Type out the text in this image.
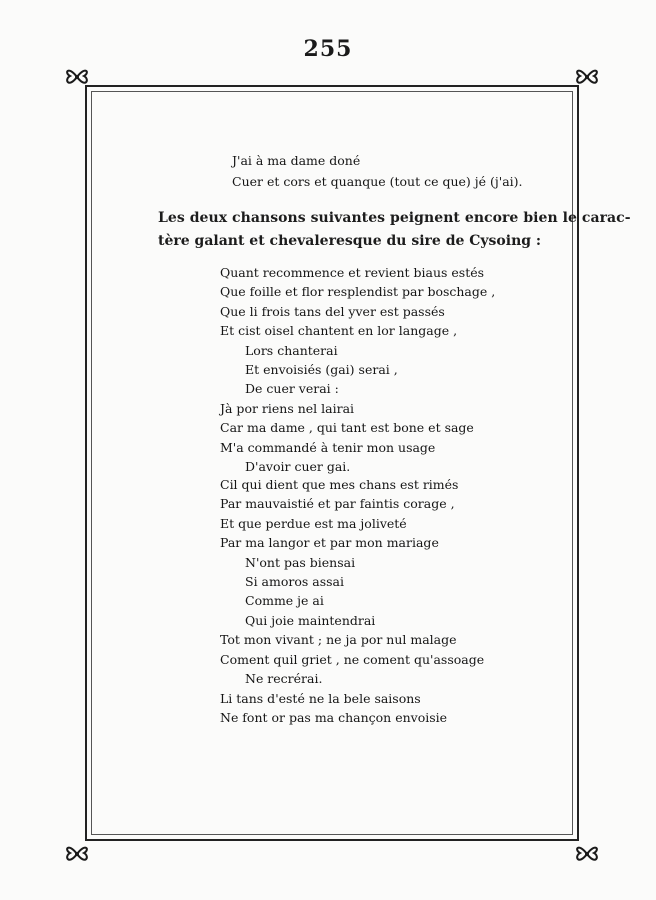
255
J'ai à ma dame doné
Cuer et cors et quanque (tout ce que) jé (j'ai).
Les deux chansons suivantes peignent encore bien le carac-
tère galant et chevaleresque du sire de Cysoing :
Quant recommence et revient biaus estés
Que foille et flor resplendist par boschage ,
Que li frois tans del yver est passés
Et cist oisel chantent en lor langage ,
Lors chanterai
Et envoisiés (gai) serai ,
De cuer verai :
Jà por riens nel lairai
Car ma dame , qui tant est bone et sage
M'a commandé à tenir mon usage
D'avoir cuer gai.
Cil qui dient que mes chans est rimés
Par mauvaistié et par faintis corage ,
Et que perdue est ma joliveté
Par ma langor et par mon mariage
N'ont pas biensai
Si amoros assai
Comme je ai
Qui joie maintendrai
Tot mon vivant ; ne ja por nul malage
Coment quil griet , ne coment qu'assoage
Ne recrérai.
Li tans d'esté ne la bele saisons
Ne font or pas ma chançon envoisie
